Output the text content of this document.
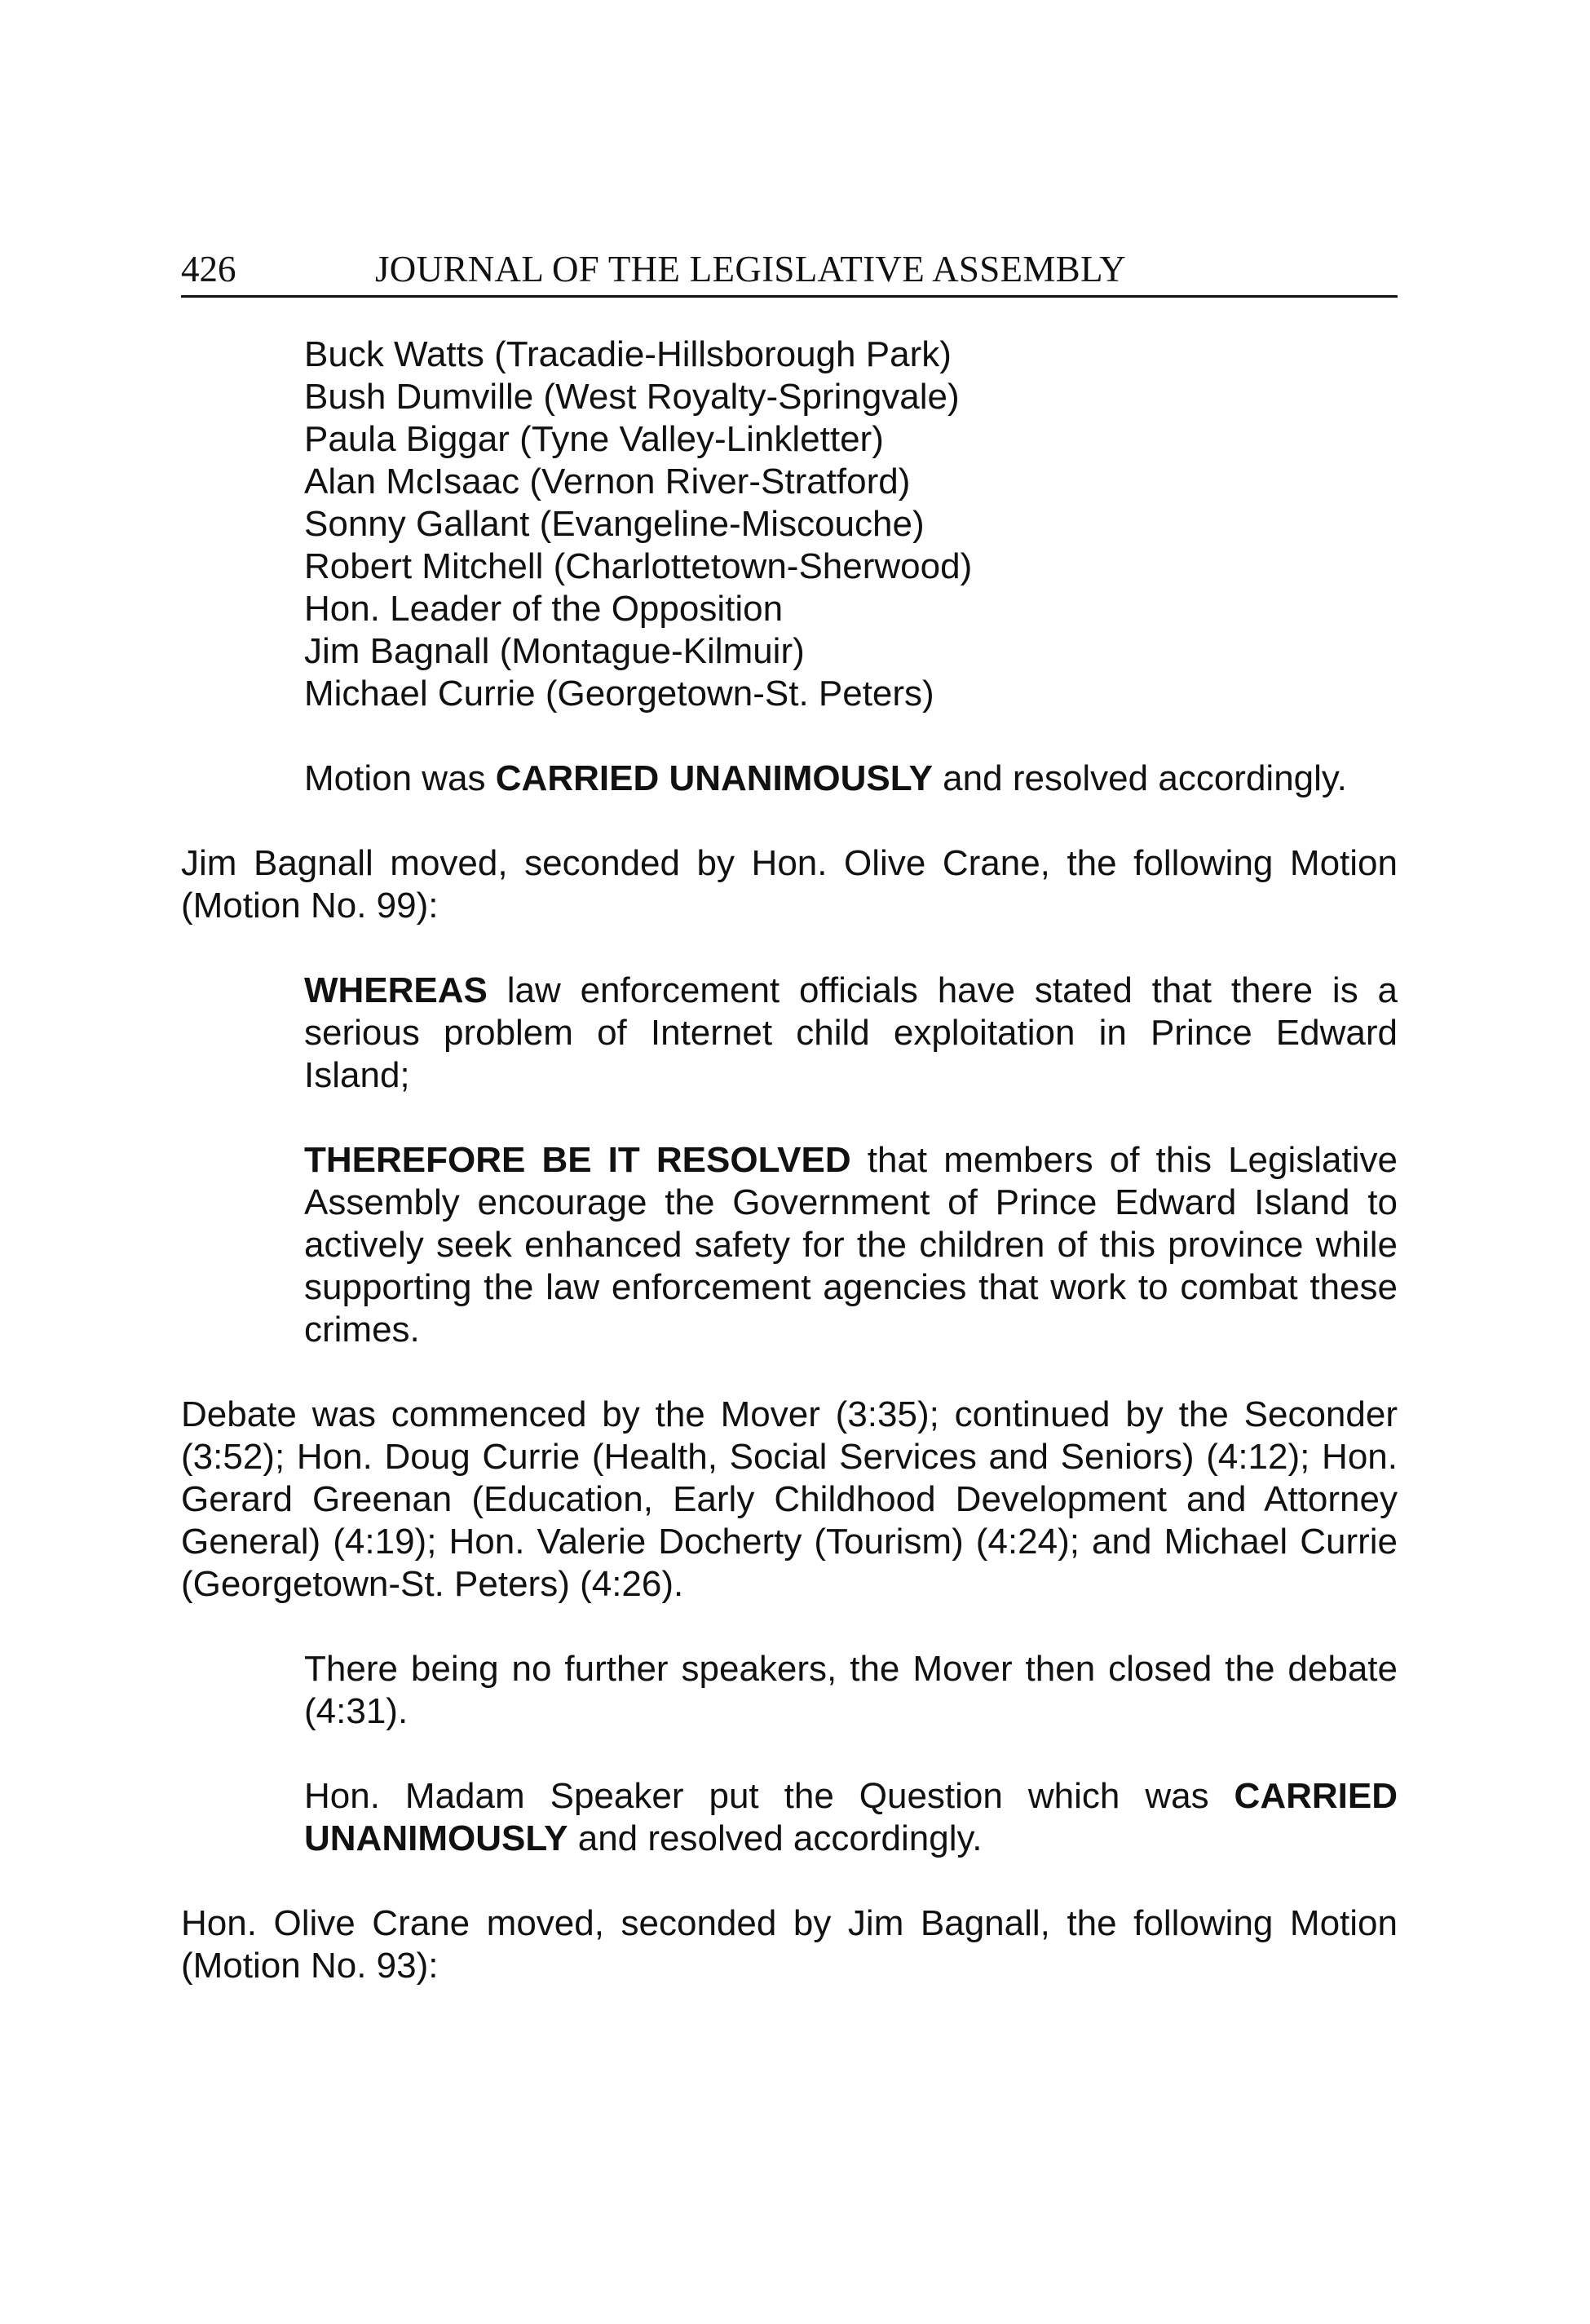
426	JOURNAL OF THE LEGISLATIVE ASSEMBLY
Buck Watts (Tracadie-Hillsborough Park)
Bush Dumville (West Royalty-Springvale)
Paula Biggar (Tyne Valley-Linkletter)
Alan McIsaac (Vernon River-Stratford)
Sonny Gallant (Evangeline-Miscouche)
Robert Mitchell (Charlottetown-Sherwood)
Hon. Leader of the Opposition
Jim Bagnall (Montague-Kilmuir)
Michael Currie (Georgetown-St. Peters)

Motion was CARRIED UNANIMOUSLY and resolved accordingly.

Jim Bagnall moved, seconded by Hon. Olive Crane, the following Motion (Motion No. 99):

WHEREAS law enforcement officials have stated that there is a serious problem of Internet child exploitation in Prince Edward Island;

THEREFORE BE IT RESOLVED that members of this Legislative Assembly encourage the Government of Prince Edward Island to actively seek enhanced safety for the children of this province while supporting the law enforcement agencies that work to combat these crimes.

Debate was commenced by the Mover (3:35); continued by the Seconder (3:52); Hon. Doug Currie (Health, Social Services and Seniors) (4:12); Hon. Gerard Greenan (Education, Early Childhood Development and Attorney General) (4:19); Hon. Valerie Docherty (Tourism) (4:24); and Michael Currie (Georgetown-St. Peters) (4:26).

There being no further speakers, the Mover then closed the debate (4:31).

Hon. Madam Speaker put the Question which was CARRIED UNANIMOUSLY and resolved accordingly.

Hon. Olive Crane moved, seconded by Jim Bagnall, the following Motion (Motion No. 93):
